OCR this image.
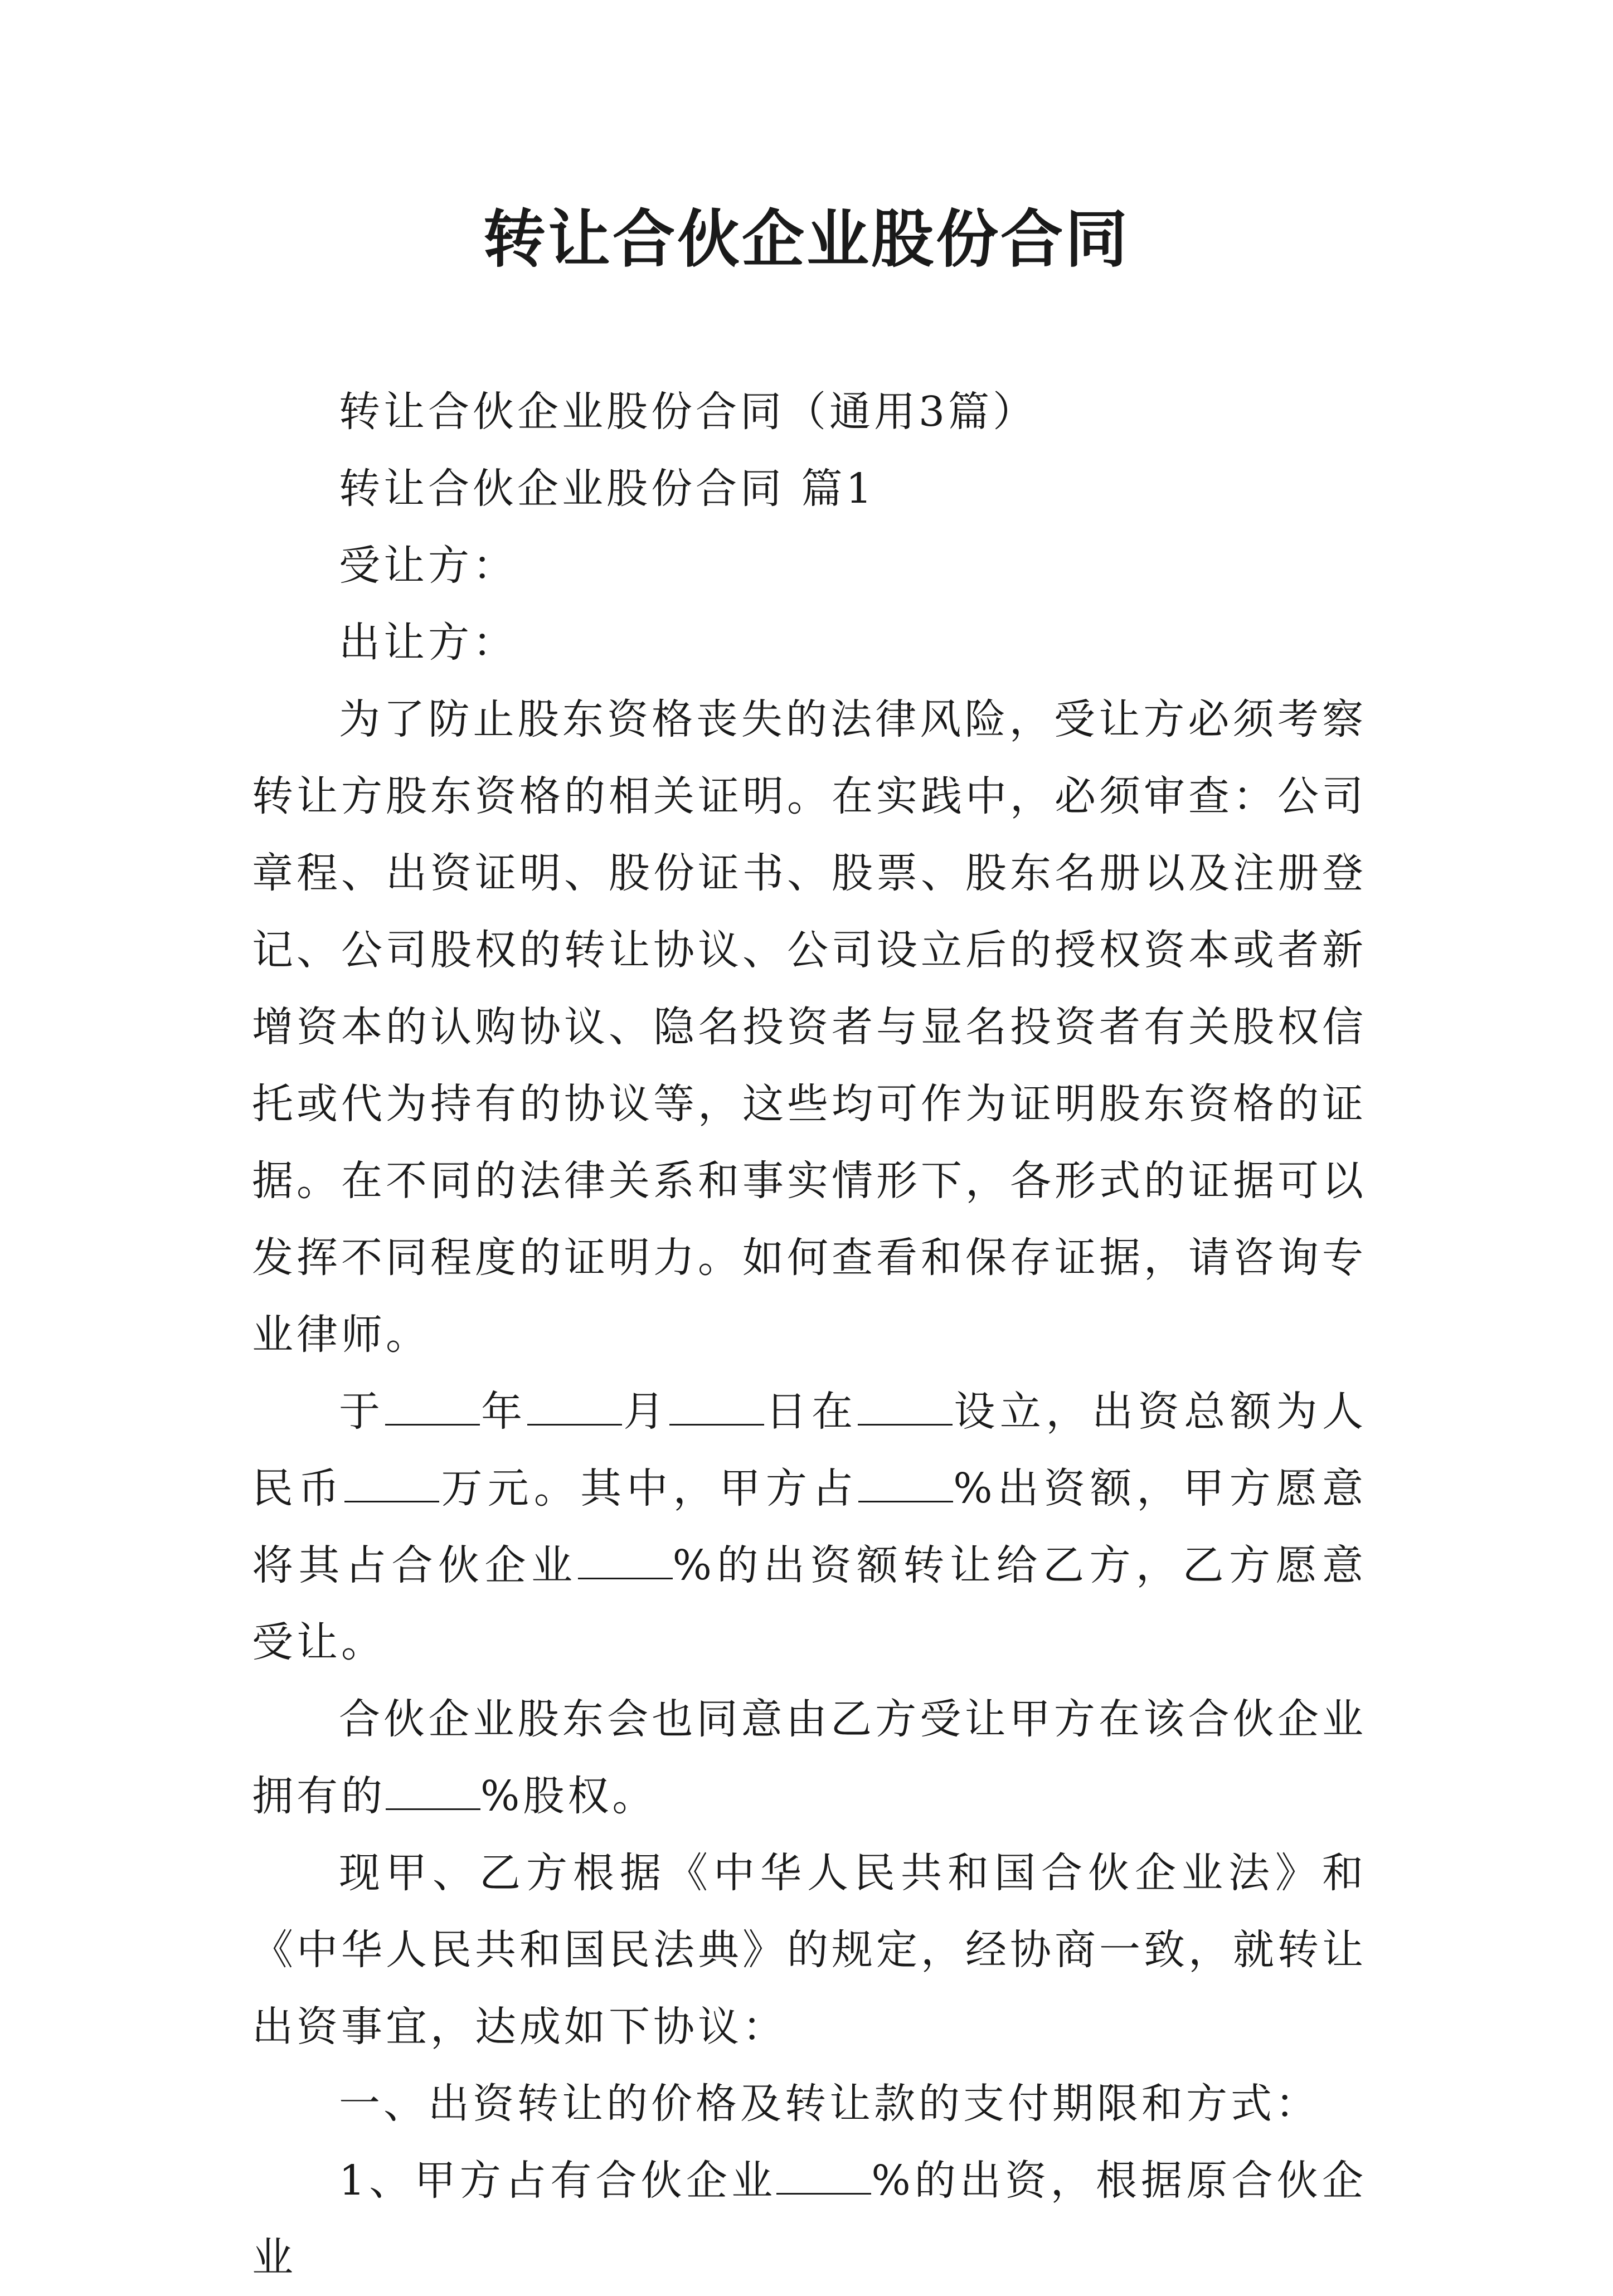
转让合伙企业股份合同

转让合伙企业股份合同（通用3篇）

转让合伙企业股份合同 篇1

受让方：

出让方：

为了防止股东资格丧失的法律风险，受让方必须考察转让方股东资格的相关证明。在实践中，必须审查：公司章程、出资证明、股份证书、股票、股东名册以及注册登记、公司股权的转让协议、公司设立后的授权资本或者新增资本的认购协议、隐名投资者与显名投资者有关股权信托或代为持有的协议等，这些均可作为证明股东资格的证据。在不同的法律关系和事实情形下，各形式的证据可以发挥不同程度的证明力。如何查看和保存证据，请咨询专业律师。

于 年 月 日在 设立，出资总额为人民币 万元。其中，甲方占 %出资额，甲方愿意将其占合伙企业 %的出资额转让给乙方，乙方愿意受让。

合伙企业股东会也同意由乙方受让甲方在该合伙企业拥有的 %股权。

现甲、乙方根据《中华人民共和国合伙企业法》和《中华人民共和国民法典》的规定，经协商一致，就转让出资事宜，达成如下协议：

一、出资转让的价格及转让款的支付期限和方式：

1、甲方占有合伙企业 %的出资，根据原合伙企业
